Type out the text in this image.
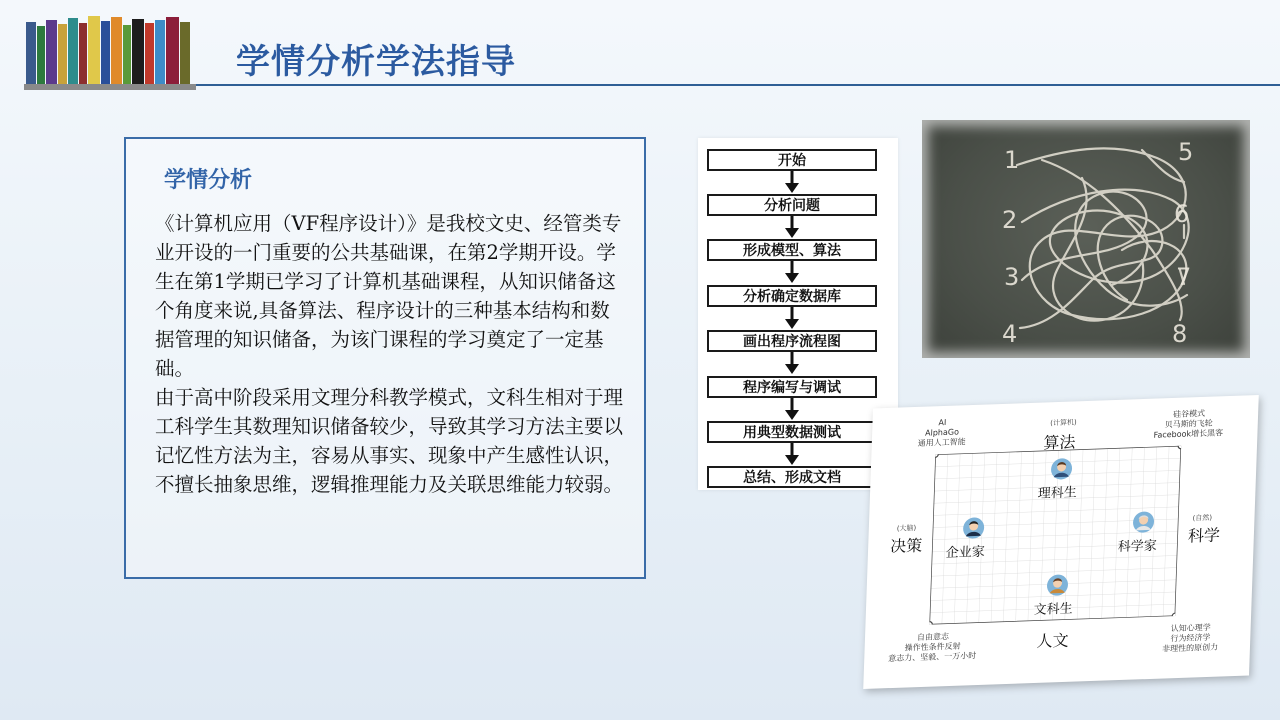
学情分析学法指导
学情分析

《计算机应用（VF程序设计）》是我校文史、经管类专业开设的一门重要的公共基础课，在第2学期开设。学生在第1学期已学习了计算机基础课程，从知识储备这个角度来说,具备算法、程序设计的三种基本结构和数据管理的知识储备，为该门课程的学习奠定了一定基础。

由于高中阶段采用文理分科教学模式，文科生相对于理工科学生其数理知识储备较少，导致其学习方法主要以记忆性方法为主，容易从事实、现象中产生感性认识，不擅长抽象思维，逻辑推理能力及关联思维能力较弱。

开始
分析问题
形成模型、算法
分析确定数据库
画出程序流程图
程序编写与调试
用典型数据测试
总结、形成文档
1
2
3
4
5
6
7
8
AI
AlphaGo
通用人工智能
硅谷模式
贝马斯的飞轮
Facebook增长黑客
自由意志
操作性条件反射
意志力、坚毅、一万小时
认知心理学
行为经济学
非理性的原创力
(计算机)
算法
(大脑)
决策
(自然)
科学
人文
理科生
企业家	科学家
文科生
